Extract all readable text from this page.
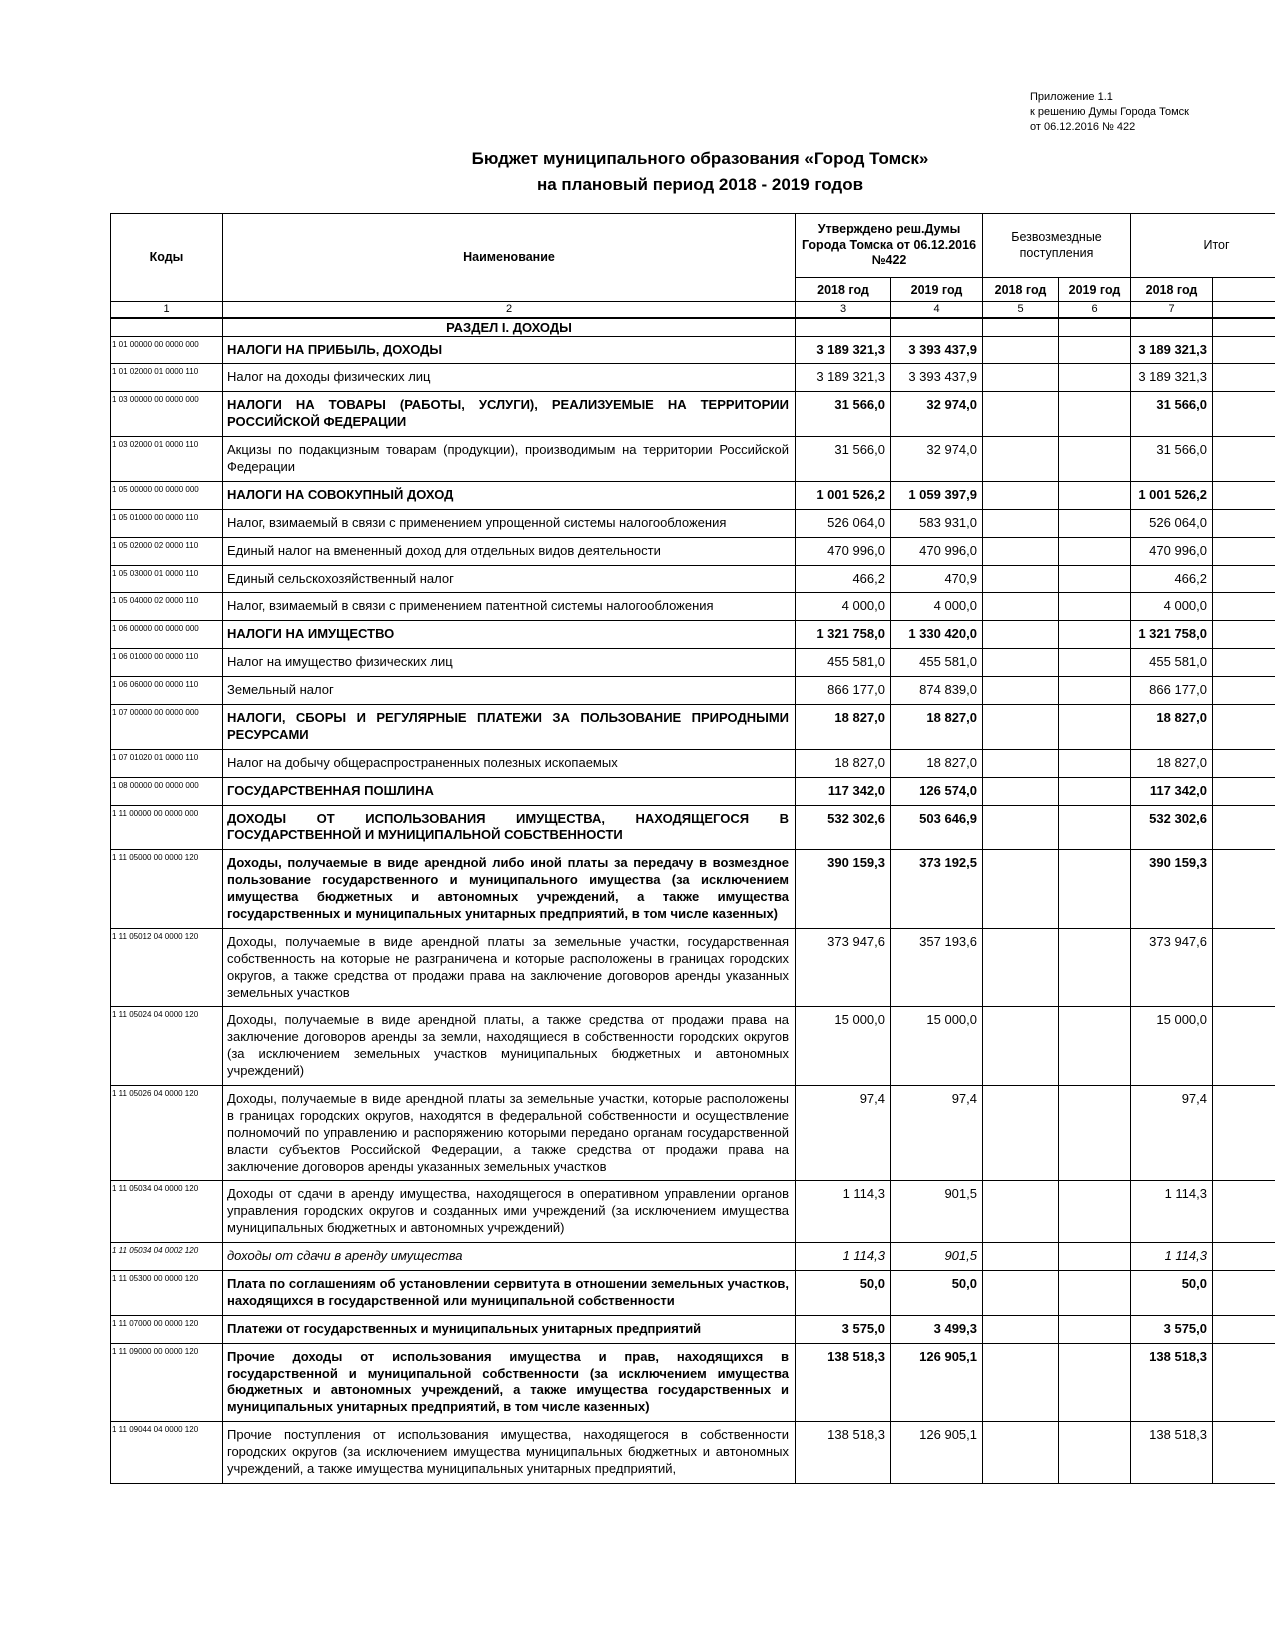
Приложение 1.1
к решению Думы Города Томск
от 06.12.2016 № 422
Бюджет муниципального образования «Город Томск»
на плановый период 2018 - 2019 годов
Коды	Наименование	Утверждено реш.Думы Города Томска от 06.12.2016 №422		Безвозмездные поступления		Итог	
		2018 год	2019 год	2018 год	2019 год	2018 год	
1	2	3	4	5	6	7	
	РАЗДЕЛ I. ДОХОДЫ						
1 01 00000 00 0000 000	НАЛОГИ НА ПРИБЫЛЬ, ДОХОДЫ	3 189 321,3	3 393 437,9			3 189 321,3	
1 01 02000 01 0000 110	Налог на доходы физических лиц	3 189 321,3	3 393 437,9			3 189 321,3	
1 03 00000 00 0000 000	НАЛОГИ НА ТОВАРЫ (РАБОТЫ, УСЛУГИ), РЕАЛИЗУЕМЫЕ НА ТЕРРИТОРИИ РОССИЙСКОЙ ФЕДЕРАЦИИ	31 566,0	32 974,0			31 566,0	
1 03 02000 01 0000 110	Акцизы по подакцизным товарам (продукции), производимым на территории Российской Федерации	31 566,0	32 974,0			31 566,0	
1 05 00000 00 0000 000	НАЛОГИ НА СОВОКУПНЫЙ ДОХОД	1 001 526,2	1 059 397,9			1 001 526,2	
1 05 01000 00 0000 110	Налог, взимаемый в связи с применением упрощенной системы налогообложения	526 064,0	583 931,0			526 064,0	
1 05 02000 02 0000 110	Единый налог на вмененный доход для отдельных видов деятельности	470 996,0	470 996,0			470 996,0	
1 05 03000 01 0000 110	Единый сельскохозяйственный налог	466,2	470,9			466,2	
1 05 04000 02 0000 110	Налог, взимаемый в связи с применением патентной системы налогообложения	4 000,0	4 000,0			4 000,0	
1 06 00000 00 0000 000	НАЛОГИ НА ИМУЩЕСТВО	1 321 758,0	1 330 420,0			1 321 758,0	
1 06 01000 00 0000 110	Налог на имущество физических лиц	455 581,0	455 581,0			455 581,0	
1 06 06000 00 0000 110	Земельный налог	866 177,0	874 839,0			866 177,0	
1 07 00000 00 0000 000	НАЛОГИ, СБОРЫ И РЕГУЛЯРНЫЕ ПЛАТЕЖИ ЗА ПОЛЬЗОВАНИЕ ПРИРОДНЫМИ РЕСУРСАМИ	18 827,0	18 827,0			18 827,0	
1 07 01020 01 0000 110	Налог на добычу общераспространенных полезных ископаемых	18 827,0	18 827,0			18 827,0	
1 08 00000 00 0000 000	ГОСУДАРСТВЕННАЯ ПОШЛИНА	117 342,0	126 574,0			117 342,0	
1 11 00000 00 0000 000	ДОХОДЫ ОТ ИСПОЛЬЗОВАНИЯ ИМУЩЕСТВА, НАХОДЯЩЕГОСЯ В ГОСУДАРСТВЕННОЙ И МУНИЦИПАЛЬНОЙ СОБСТВЕННОСТИ	532 302,6	503 646,9			532 302,6	
1 11 05000 00 0000 120	Доходы, получаемые в виде арендной либо иной платы за передачу в возмездное пользование государственного и муниципального имущества (за исключением имущества бюджетных и автономных учреждений, а также имущества государственных и муниципальных унитарных предприятий, в том числе казенных)	390 159,3	373 192,5			390 159,3	
1 11 05012 04 0000 120	Доходы, получаемые в виде арендной платы за земельные участки, государственная собственность на которые не разграничена и которые расположены в границах городских округов, а также средства от продажи права на заключение договоров аренды указанных земельных участков	373 947,6	357 193,6			373 947,6	
1 11 05024 04 0000 120	Доходы, получаемые в виде арендной платы, а также средства от продажи права на заключение договоров аренды за земли, находящиеся в собственности городских округов (за исключением земельных участков муниципальных бюджетных и автономных учреждений)	15 000,0	15 000,0			15 000,0	
1 11 05026 04 0000 120	Доходы, получаемые в виде арендной платы за земельные участки, которые расположены в границах городских округов, находятся в федеральной собственности и осуществление полномочий по управлению и распоряжению которыми передано органам государственной власти субъектов Российской Федерации, а также средства от продажи права на заключение договоров аренды указанных земельных участков	97,4	97,4			97,4	
1 11 05034 04 0000 120	Доходы от сдачи в аренду имущества, находящегося в оперативном управлении органов управления городских округов и созданных ими учреждений (за исключением имущества муниципальных бюджетных и автономных учреждений)	1 114,3	901,5			1 114,3	
1 11 05034 04 0002 120	доходы от сдачи в аренду имущества	1 114,3	901,5			1 114,3	
1 11 05300 00 0000 120	Плата по соглашениям об установлении сервитута в отношении земельных участков, находящихся в государственной или муниципальной собственности	50,0	50,0			50,0	
1 11 07000 00 0000 120	Платежи от государственных и муниципальных унитарных предприятий	3 575,0	3 499,3			3 575,0	
1 11 09000 00 0000 120	Прочие доходы от использования имущества и прав, находящихся в государственной и муниципальной собственности (за исключением имущества бюджетных и автономных учреждений, а также имущества государственных и муниципальных унитарных предприятий, в том числе казенных)	138 518,3	126 905,1			138 518,3	
1 11 09044 04 0000 120	Прочие поступления от использования имущества, находящегося в собственности городских округов (за исключением имущества муниципальных бюджетных и автономных учреждений, а также имущества муниципальных унитарных предприятий,	138 518,3	126 905,1			138 518,3	
